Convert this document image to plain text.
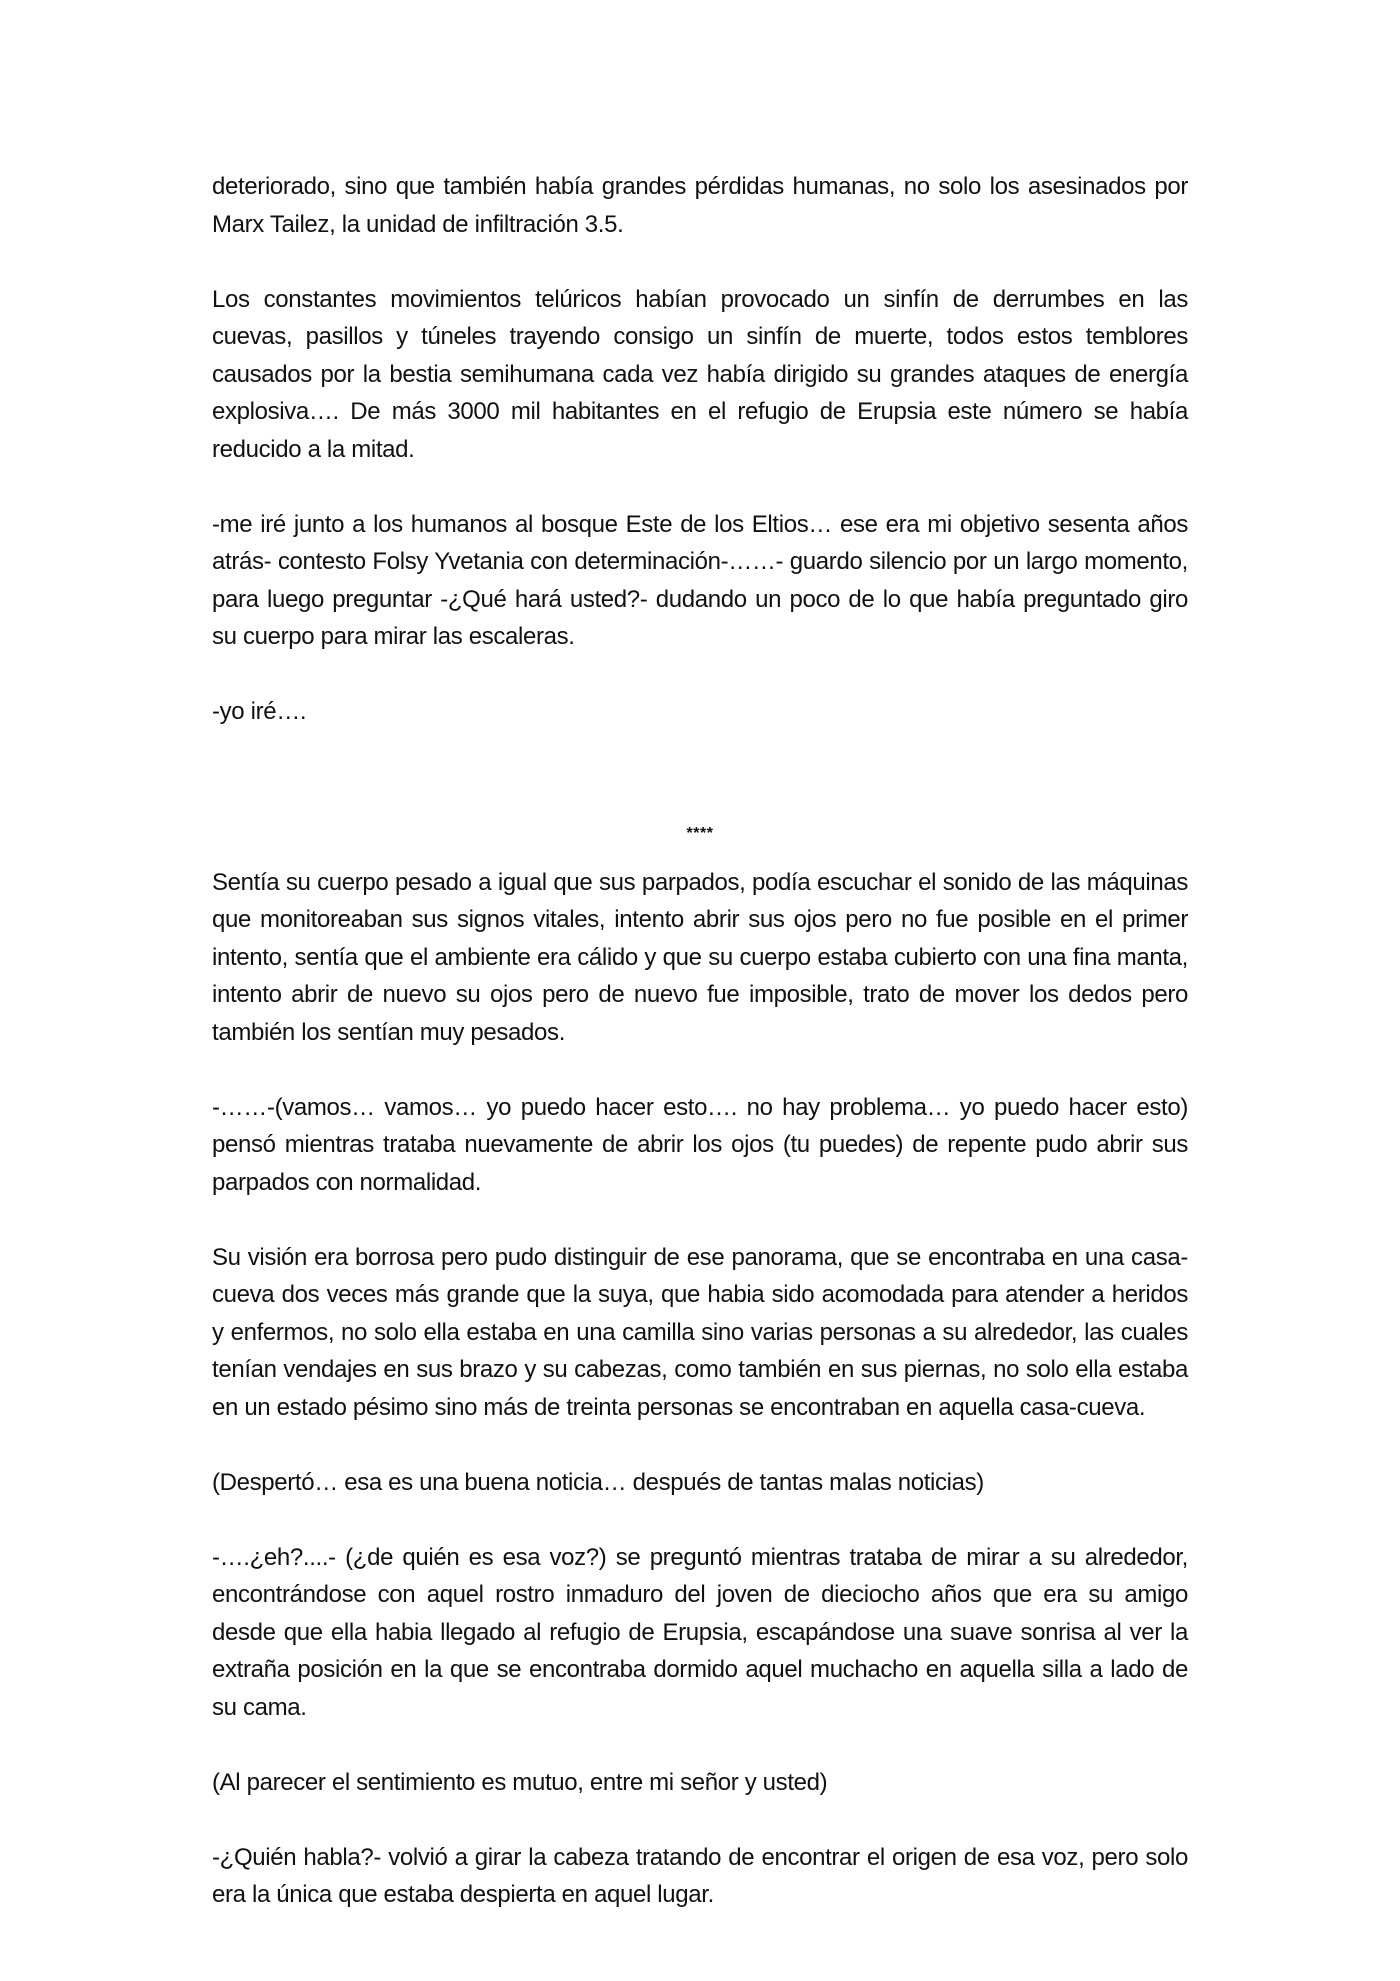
deteriorado, sino que también había grandes pérdidas humanas, no solo los asesinados por Marx Tailez, la unidad de infiltración 3.5.

Los constantes movimientos telúricos habían provocado un sinfín de derrumbes en las cuevas, pasillos y túneles trayendo consigo un sinfín de muerte, todos estos temblores causados por la bestia semihumana cada vez había dirigido su grandes ataques de energía explosiva…. De más 3000 mil habitantes en el refugio de Erupsia este número se había reducido a la mitad.

-me iré junto a los humanos al bosque Este de los Eltios… ese era mi objetivo sesenta años atrás- contesto Folsy Yvetania con determinación-……- guardo silencio por un largo momento, para luego preguntar -¿Qué hará usted?- dudando un poco de lo que había preguntado giro su cuerpo para mirar las escaleras.

-yo iré….

****

Sentía su cuerpo pesado a igual que sus parpados, podía escuchar el sonido de las máquinas que monitoreaban sus signos vitales, intento abrir sus ojos pero no fue posible en el primer intento, sentía que el ambiente era cálido y que su cuerpo estaba cubierto con una fina manta, intento abrir de nuevo su ojos pero de nuevo fue imposible, trato de mover los dedos pero también los sentían muy pesados.

-……-(vamos… vamos… yo puedo hacer esto…. no hay problema… yo puedo hacer esto) pensó mientras trataba nuevamente de abrir los ojos (tu puedes) de repente pudo abrir sus parpados con normalidad.

Su visión era borrosa pero pudo distinguir de ese panorama, que se encontraba en una casa-cueva dos veces más grande que la suya, que habia sido acomodada para atender a heridos y enfermos, no solo ella estaba en una camilla sino varias personas a su alrededor, las cuales tenían vendajes en sus brazo y su cabezas, como también en sus piernas, no solo ella estaba en un estado pésimo sino más de treinta personas se encontraban en aquella casa-cueva.

(Despertó… esa es una buena noticia… después de tantas malas noticias)

-….¿eh?....- (¿de quién es esa voz?) se preguntó mientras trataba de mirar a su alrededor, encontrándose con aquel rostro inmaduro del joven de dieciocho años que era su amigo desde que ella habia llegado al refugio de Erupsia, escapándose una suave sonrisa al ver la extraña posición en la que se encontraba dormido aquel muchacho en aquella silla a lado de su cama.

(Al parecer el sentimiento es mutuo, entre mi señor y usted)

-¿Quién habla?- volvió a girar la cabeza tratando de encontrar el origen de esa voz, pero solo era la única que estaba despierta en aquel lugar.
